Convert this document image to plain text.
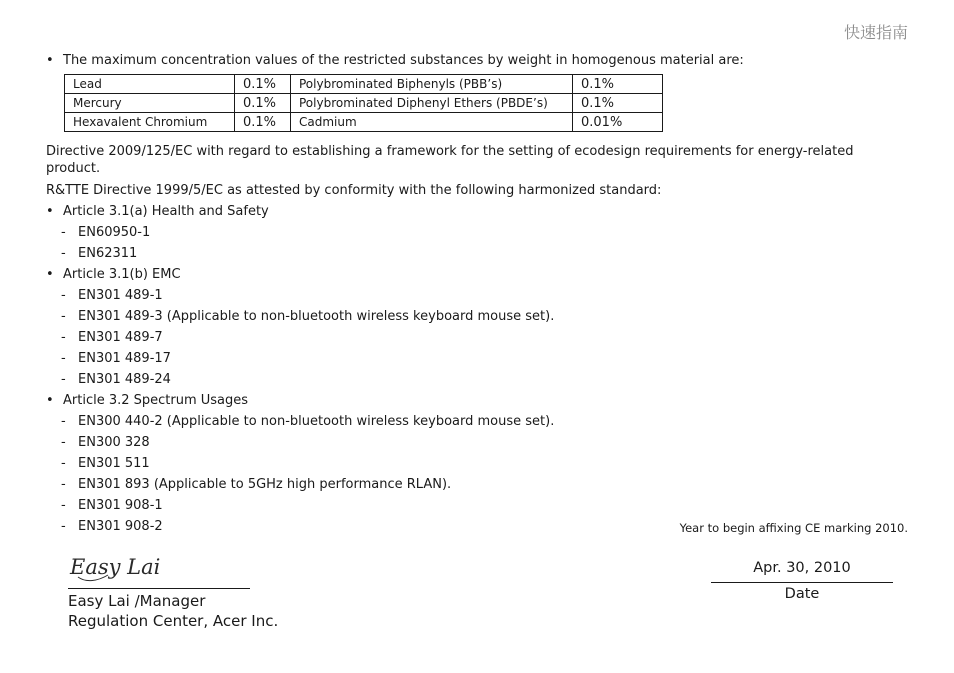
快速指南
• The maximum concentration values of the restricted substances by weight in homogenous material are:
Lead	0.1%	Polybrominated Biphenyls (PBB’s)	0.1%
Mercury	0.1%	Polybrominated Diphenyl Ethers (PBDE’s)	0.1%
Hexavalent Chromium	0.1%	Cadmium	0.01%
Directive 2009/125/EC with regard to establishing a framework for the setting of ecodesign requirements for energy-related product.
R&TTE Directive 1999/5/EC as attested by conformity with the following harmonized standard:
• Article 3.1(a) Health and Safety
- EN60950-1
- EN62311
• Article 3.1(b) EMC
- EN301 489-1
- EN301 489-3 (Applicable to non-bluetooth wireless keyboard mouse set).
- EN301 489-7
- EN301 489-17
- EN301 489-24
• Article 3.2 Spectrum Usages
- EN300 440-2 (Applicable to non-bluetooth wireless keyboard mouse set).
- EN300 328
- EN301 511
- EN301 893 (Applicable to 5GHz high performance RLAN).
- EN301 908-1
- EN301 908-2	Year to begin affixing CE marking 2010.
Easy Lai
Easy Lai /Manager
Regulation Center, Acer Inc.
Apr. 30, 2010
Date
